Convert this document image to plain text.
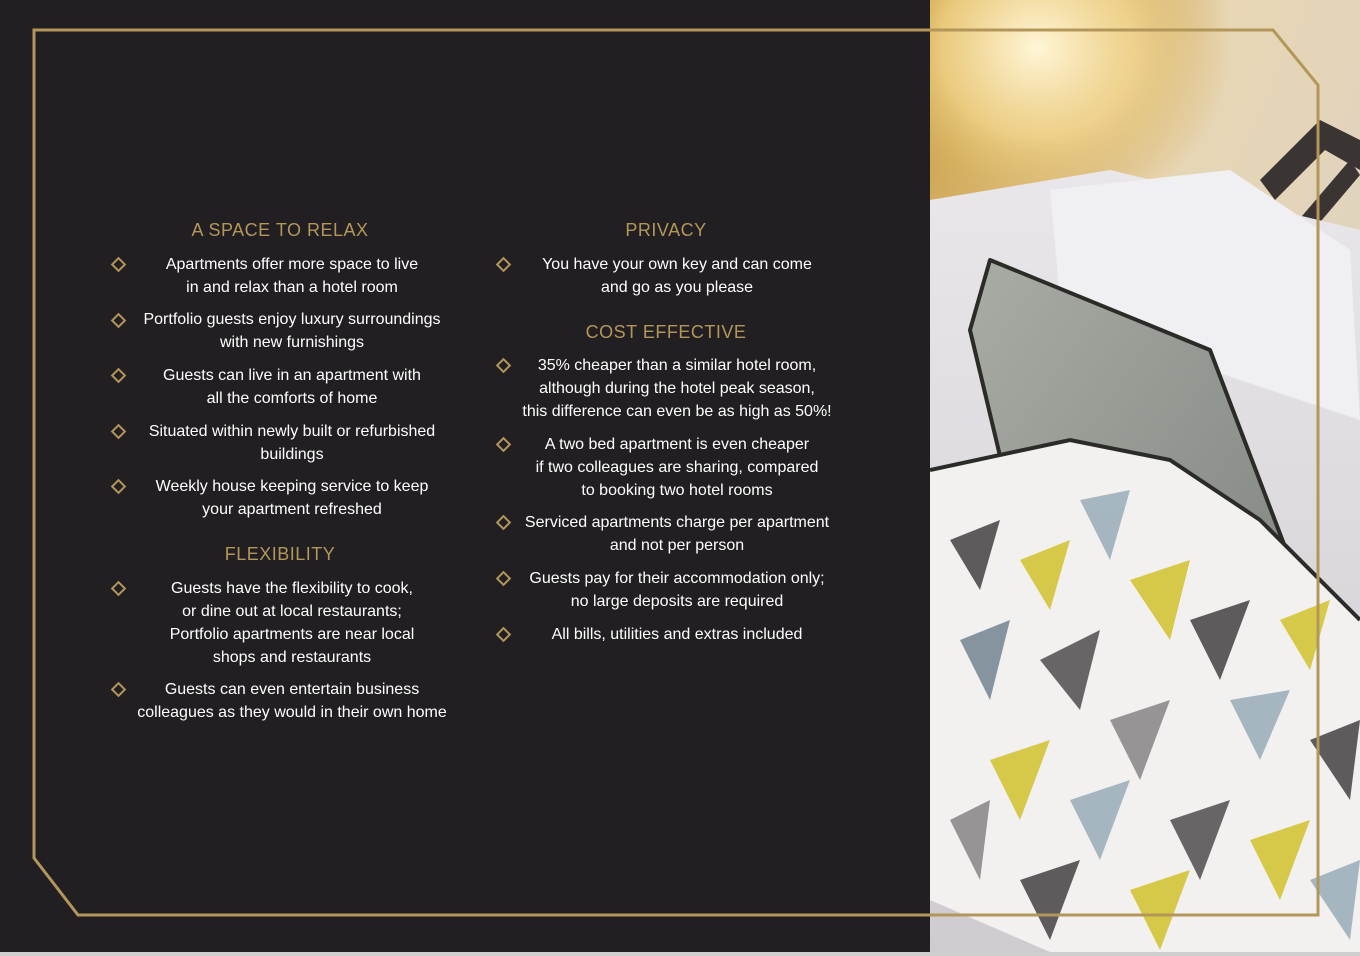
A SPACE TO RELAX
Apartments offer more space to live
in and relax than a hotel room
Portfolio guests enjoy luxury surroundings
with new furnishings
Guests can live in an apartment with
all the comforts of home
Situated within newly built or refurbished
buildings
Weekly house keeping service to keep
your apartment refreshed
FLEXIBILITY
Guests have the flexibility to cook,
or dine out at local restaurants;
Portfolio apartments are near local
shops and restaurants
Guests can even entertain business
colleagues as they would in their own home
PRIVACY
You have your own key and can come
and go as you please
COST EFFECTIVE
35% cheaper than a similar hotel room,
although during the hotel peak season,
this difference can even be as high as 50%!
A two bed apartment is even cheaper
if two colleagues are sharing, compared
to booking two hotel rooms
Serviced apartments charge per apartment
and not per person
Guests pay for their accommodation only;
no large deposits are required
All bills, utilities and extras included
